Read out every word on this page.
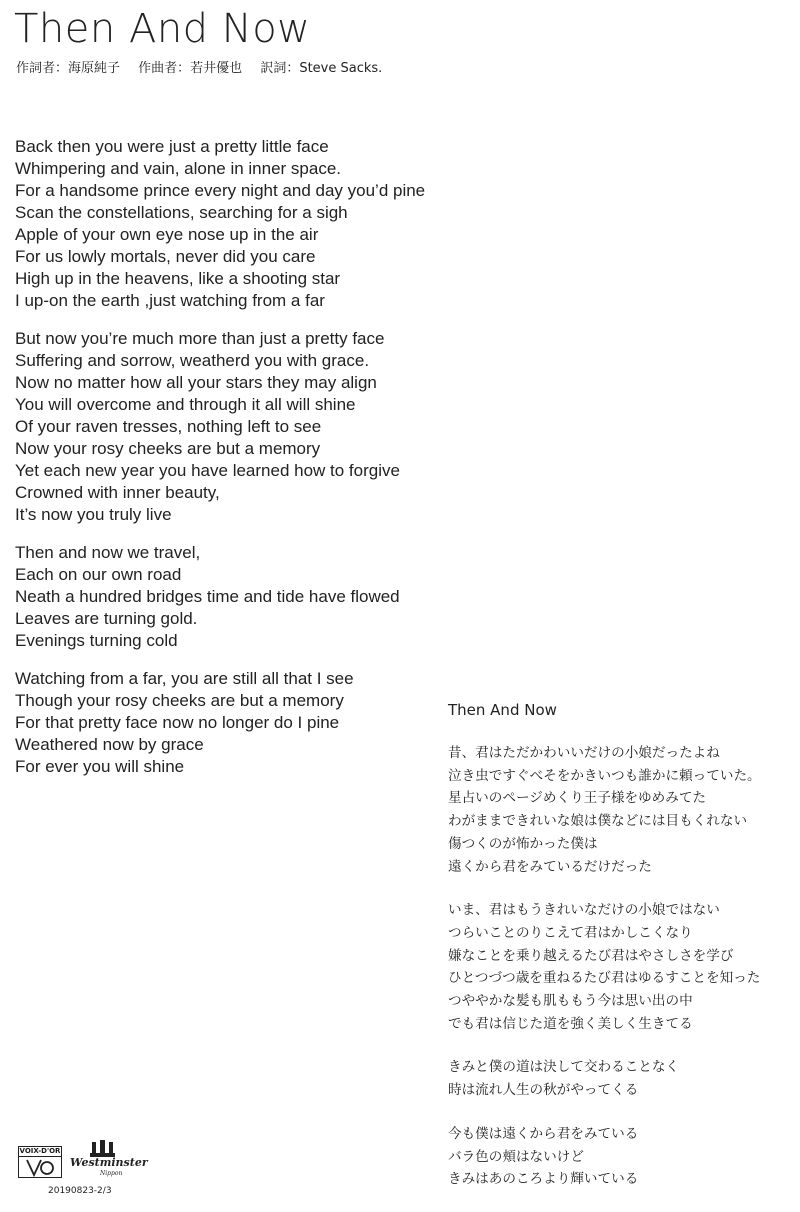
Then And Now
作詞者：海原純子 作曲者：若井優也 訳詞：Steve Sacks.
Back then you were just a pretty little face
Whimpering and vain, alone in inner space.
For a handsome prince every night and day you’d pine
Scan the constellations, searching for a sigh
Apple of your own eye nose up in the air
For us lowly mortals, never did you care
High up in the heavens, like a shooting star
I up-on the earth ,just watching from a far
But now you’re much more than just a pretty face
Suffering and sorrow, weatherd you with grace.
Now no matter how all your stars they may align
You will overcome and through it all will shine
Of your raven tresses, nothing left to see
Now your rosy cheeks are but a memory
Yet each new year you have learned how to forgive
Crowned with inner beauty,
It’s now you truly live
Then and now we travel,
Each on our own road
Neath a hundred bridges time and tide have flowed
Leaves are turning gold.
Evenings turning cold
Watching from a far, you are still all that I see
Though your rosy cheeks are but a memory
For that pretty face now no longer do I pine
Weathered now by grace
For ever you will shine
Then And Now
昔、君はただかわいいだけの小娘だったよね
泣き虫ですぐべそをかきいつも誰かに頼っていた。
星占いのページめくり王子様をゆめみてた
わがままできれいな娘は僕などには目もくれない
傷つくのが怖かった僕は
遠くから君をみているだけだった
いま、君はもうきれいなだけの小娘ではない
つらいことのりこえて君はかしこくなり
嫌なことを乗り越えるたび君はやさしさを学び
ひとつづつ歳を重ねるたび君はゆるすことを知った
つややかな髪も肌ももう今は思い出の中
でも君は信じた道を強く美しく生きてる
きみと僕の道は決して交わることなく
時は流れ人生の秋がやってくる
今も僕は遠くから君をみている
バラ色の頬はないけど
きみはあのころより輝いている
VOIX-D'OR
Westminster
Nippon
20190823-2/3
